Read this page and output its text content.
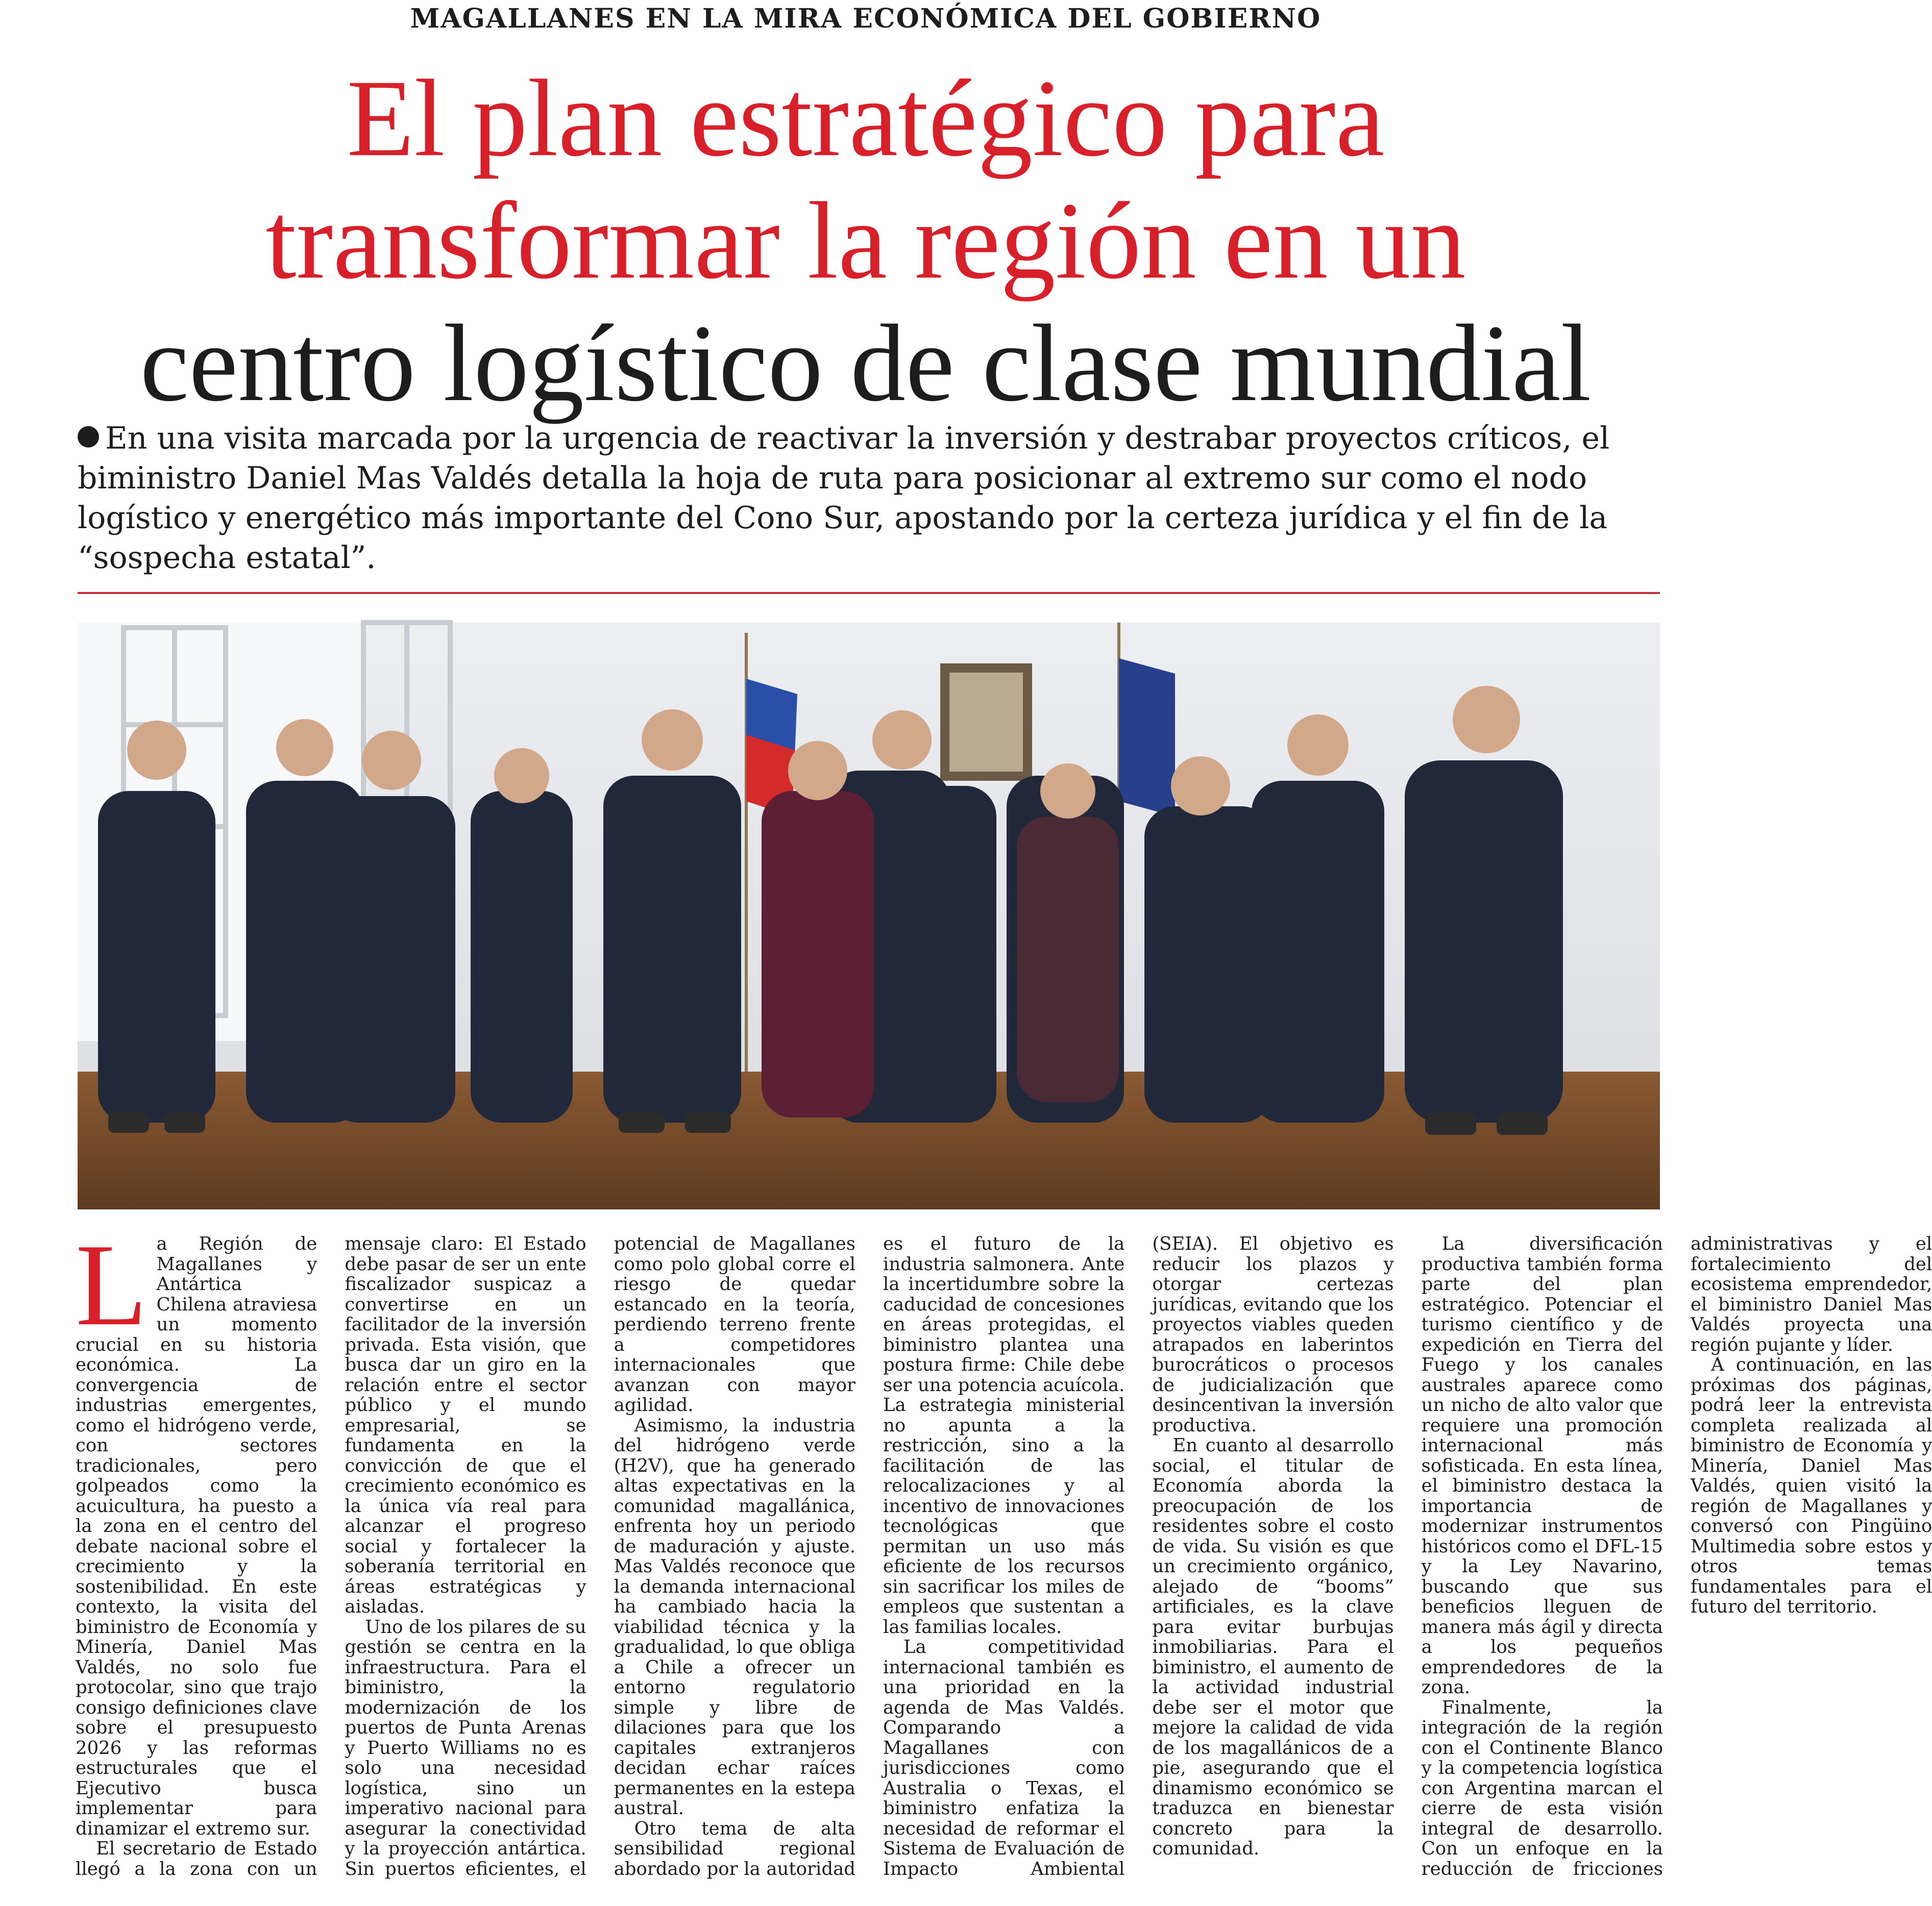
MAGALLANES EN LA MIRA ECONÓMICA DEL GOBIERNO
El plan estratégico para
transformar la región en un
centro logístico de clase mundial
En una visita marcada por la urgencia de reactivar la inversión y destrabar proyectos críticos, el biministro Daniel Mas Valdés detalla la hoja de ruta para posicionar al extremo sur como el nodo logístico y energético más importante del Cono Sur, apostando por la certeza jurídica y el fin de la “sospecha estatal”.

La Región de Magallanes y Antártica Chilena atraviesa un momento crucial en su historia económica. La convergencia de industrias emergentes, como el hidrógeno verde, con sectores tradicionales, pero golpeados como la acuicultura, ha puesto a la zona en el centro del debate nacional sobre el crecimiento y la sostenibilidad. En este contexto, la visita del biministro de Economía y Minería, Daniel Mas Valdés, no solo fue protocolar, sino que trajo consigo definiciones clave sobre el presupuesto 2026 y las reformas estructurales que el Ejecutivo busca implementar para dinamizar el extremo sur.

El secretario de Estado llegó a la zona con un mensaje claro: El Estado debe pasar de ser un ente fiscalizador suspicaz a convertirse en un facilitador de la inversión privada. Esta visión, que busca dar un giro en la relación entre el sector público y el mundo empresarial, se fundamenta en la convicción de que el crecimiento económico es la única vía real para alcanzar el progreso social y fortalecer la soberanía territorial en áreas estratégicas y aisladas.

Uno de los pilares de su gestión se centra en la infraestructura. Para el biministro, la modernización de los puertos de Punta Arenas y Puerto Williams no es solo una necesidad logística, sino un imperativo nacional para asegurar la conectividad y la proyección antártica. Sin puertos eficientes, el potencial de Magallanes como polo global corre el riesgo de quedar estancado en la teoría, perdiendo terreno frente a competidores internacionales que avanzan con mayor agilidad.

Asimismo, la industria del hidrógeno verde (H2V), que ha generado altas expectativas en la comunidad magallánica, enfrenta hoy un periodo de maduración y ajuste. Mas Valdés reconoce que la demanda internacional ha cambiado hacia la viabilidad técnica y la gradualidad, lo que obliga a Chile a ofrecer un entorno regulatorio simple y libre de dilaciones para que los capitales extranjeros decidan echar raíces permanentes en la estepa austral.

Otro tema de alta sensibilidad regional abordado por la autoridad es el futuro de la industria salmonera. Ante la incertidumbre sobre la caducidad de concesiones en áreas protegidas, el biministro plantea una postura firme: Chile debe ser una potencia acuícola. La estrategia ministerial no apunta a la restricción, sino a la facilitación de las relocalizaciones y al incentivo de innovaciones tecnológicas que permitan un uso más eficiente de los recursos sin sacrificar los miles de empleos que sustentan a las familias locales.

La competitividad internacional también es una prioridad en la agenda de Mas Valdés. Comparando a Magallanes con jurisdicciones como Australia o Texas, el biministro enfatiza la necesidad de reformar el Sistema de Evaluación de Impacto Ambiental (SEIA). El objetivo es reducir los plazos y otorgar certezas jurídicas, evitando que los proyectos viables queden atrapados en laberintos burocráticos o procesos de judicialización que desincentivan la inversión productiva.

En cuanto al desarrollo social, el titular de Economía aborda la preocupación de los residentes sobre el costo de vida. Su visión es que un crecimiento orgánico, alejado de “booms” artificiales, es la clave para evitar burbujas inmobiliarias. Para el biministro, el aumento de la actividad industrial debe ser el motor que mejore la calidad de vida de los magallánicos de a pie, asegurando que el dinamismo económico se traduzca en bienestar concreto para la comunidad.

La diversificación productiva también forma parte del plan estratégico. Potenciar el turismo científico y de expedición en Tierra del Fuego y los canales australes aparece como un nicho de alto valor que requiere una promoción internacional más sofisticada. En esta línea, el biministro destaca la importancia de modernizar instrumentos históricos como el DFL-15 y la Ley Navarino, buscando que sus beneficios lleguen de manera más ágil y directa a los pequeños emprendedores de la zona.

Finalmente, la integración de la región con el Continente Blanco y la competencia logística con Argentina marcan el cierre de esta visión integral de desarrollo. Con un enfoque en la reducción de fricciones administrativas y el fortalecimiento del ecosistema emprendedor, el biministro Daniel Mas Valdés proyecta una región pujante y líder.

A continuación, en las próximas dos páginas, podrá leer la entrevista completa realizada al biministro de Economía y Minería, Daniel Mas Valdés, quien visitó la región de Magallanes y conversó con Pingüino Multimedia sobre estos y otros temas fundamentales para el futuro del territorio.
